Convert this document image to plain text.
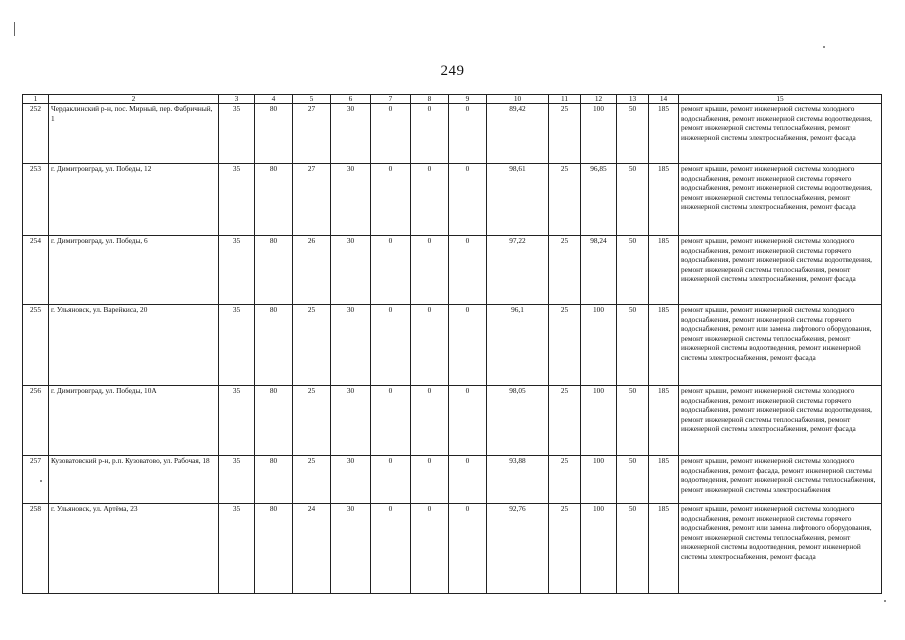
249
1	2	3	4	5	6	7	8	9	10	11	12	13	14	15
252	Чердаклинский р-н, пос. Мирный, пер. Фабричный, 1	35	80	27	30	0	0	0	89,42	25	100	50	185	ремонт крыши, ремонт инженерной системы холодного водоснабжения, ремонт инженерной системы водоотведения, ремонт инженерной системы теплоснабжения, ремонт инженерной системы электроснабжения, ремонт фасада
253	г. Димитровград, ул. Победы, 12	35	80	27	30	0	0	0	98,61	25	96,85	50	185	ремонт крыши, ремонт инженерной системы холодного водоснабжения, ремонт инженерной системы горячего водоснабжения, ремонт инженерной системы водоотведения, ремонт инженерной системы теплоснабжения, ремонт инженерной системы электроснабжения, ремонт фасада
254	г. Димитровград, ул. Победы, 6	35	80	26	30	0	0	0	97,22	25	98,24	50	185	ремонт крыши, ремонт инженерной системы холодного водоснабжения, ремонт инженерной системы горячего водоснабжения, ремонт инженерной системы водоотведения, ремонт инженерной системы теплоснабжения, ремонт инженерной системы электроснабжения, ремонт фасада
255	г. Ульяновск, ул. Варейкиса, 20	35	80	25	30	0	0	0	96,1	25	100	50	185	ремонт крыши, ремонт инженерной системы холодного водоснабжения, ремонт инженерной системы горячего водоснабжения, ремонт или замена лифтового оборудования, ремонт инженерной системы теплоснабжения, ремонт инженерной системы водоотведения, ремонт инженерной системы электроснабжения, ремонт фасада
256	г. Димитровград, ул. Победы, 10А	35	80	25	30	0	0	0	98,05	25	100	50	185	ремонт крыши, ремонт инженерной системы холодного водоснабжения, ремонт инженерной системы горячего водоснабжения, ремонт инженерной системы водоотведения, ремонт инженерной системы теплоснабжения, ремонт инженерной системы электроснабжения, ремонт фасада
257	Кузоватовский р-н, р.п. Кузоватово, ул. Рабочая, 18	35	80	25	30	0	0	0	93,88	25	100	50	185	ремонт крыши, ремонт инженерной системы холодного водоснабжения, ремонт фасада, ремонт инженерной системы водоотведения, ремонт инженерной системы теплоснабжения, ремонт инженерной системы электроснабжения
258	г. Ульяновск, ул. Артёма, 23	35	80	24	30	0	0	0	92,76	25	100	50	185	ремонт крыши, ремонт инженерной системы холодного водоснабжения, ремонт инженерной системы горячего водоснабжения, ремонт или замена лифтового оборудования, ремонт инженерной системы теплоснабжения, ремонт инженерной системы водоотведения, ремонт инженерной системы электроснабжения, ремонт фасада
